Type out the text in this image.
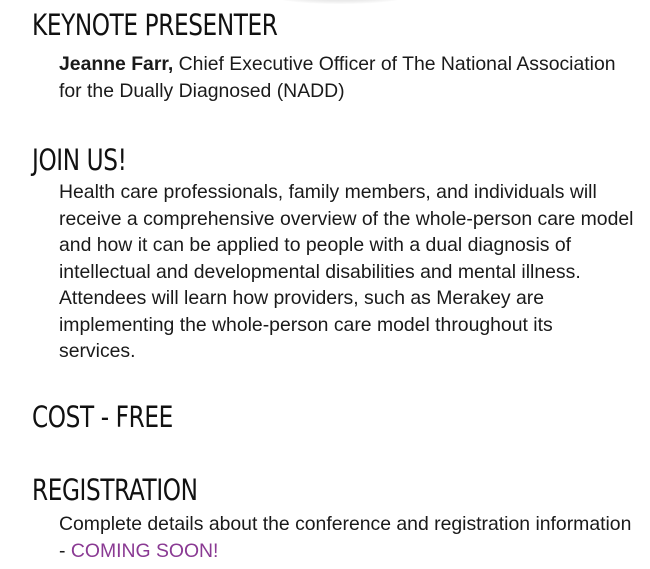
KEYNOTE PRESENTER

Jeanne Farr, Chief Executive Officer of The National Association for the Dually Diagnosed (NADD)

JOIN US!

Health care professionals, family members, and individuals will receive a comprehensive overview of the whole-person care model and how it can be applied to people with a dual diagnosis of intellectual and developmental disabilities and mental illness. Attendees will learn how providers, such as Merakey are implementing the whole-person care model throughout its services.

COST - FREE
REGISTRATION

Complete details about the conference and registration information - COMING SOON!
